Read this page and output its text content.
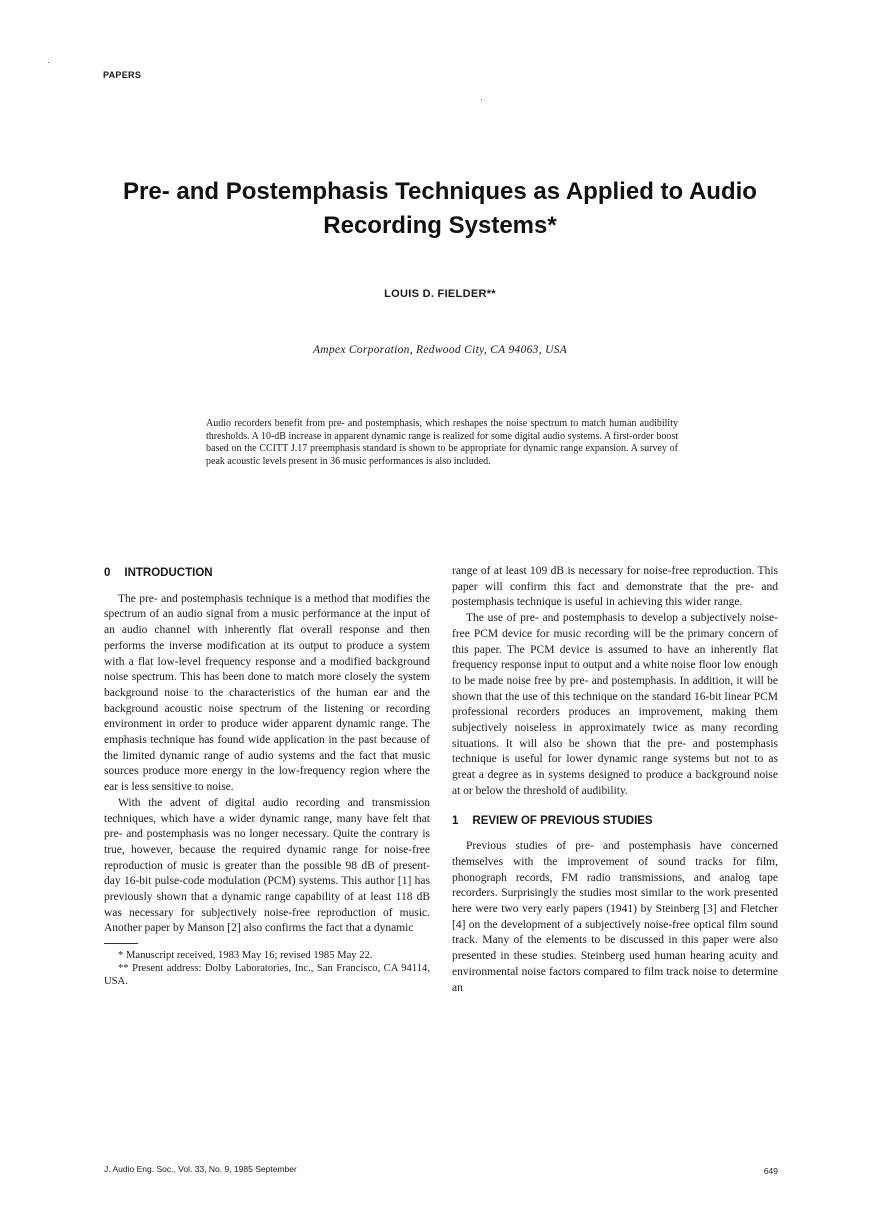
PAPERS
Pre- and Postemphasis Techniques as Applied to Audio
Recording Systems*
LOUIS D. FIELDER**
Ampex Corporation, Redwood City, CA 94063, USA
Audio recorders benefit from pre- and postemphasis, which reshapes the noise spectrum to match human audibility thresholds. A 10-dB increase in apparent dynamic range is realized for some digital audio systems. A first-order boost based on the CCITT J.17 preemphasis standard is shown to be appropriate for dynamic range expansion. A survey of peak acoustic levels present in 36 music performances is also included.
0 INTRODUCTION

The pre- and postemphasis technique is a method that modifies the spectrum of an audio signal from a music performance at the input of an audio channel with inherently flat overall response and then performs the inverse modification at its output to produce a system with a flat low-level frequency response and a modified background noise spectrum. This has been done to match more closely the system background noise to the characteristics of the human ear and the background acoustic noise spectrum of the listening or recording environment in order to produce wider apparent dynamic range. The emphasis technique has found wide application in the past because of the limited dynamic range of audio systems and the fact that music sources produce more energy in the low-frequency region where the ear is less sensitive to noise.

With the advent of digital audio recording and transmission techniques, which have a wider dynamic range, many have felt that pre- and postemphasis was no longer necessary. Quite the contrary is true, however, because the required dynamic range for noise-free reproduction of music is greater than the possible 98 dB of present-day 16-bit pulse-code modulation (PCM) systems. This author [1] has previously shown that a dynamic range capability of at least 118 dB was necessary for subjectively noise-free reproduction of music. Another paper by Manson [2] also confirms the fact that a dynamic

* Manuscript received, 1983 May 16; revised 1985 May 22.

** Present address: Dolby Laboratories, Inc., San Francisco, CA 94114, USA.

range of at least 109 dB is necessary for noise-free reproduction. This paper will confirm this fact and demonstrate that the pre- and postemphasis technique is useful in achieving this wider range.

The use of pre- and postemphasis to develop a subjectively noise-free PCM device for music recording will be the primary concern of this paper. The PCM device is assumed to have an inherently flat frequency response input to output and a white noise floor low enough to be made noise free by pre- and postemphasis. In addition, it will be shown that the use of this technique on the standard 16-bit linear PCM professional recorders produces an improvement, making them subjectively noiseless in approximately twice as many recording situations. It will also be shown that the pre- and postemphasis technique is useful for lower dynamic range systems but not to as great a degree as in systems designed to produce a background noise at or below the threshold of audibility.

1 REVIEW OF PREVIOUS STUDIES

Previous studies of pre- and postemphasis have concerned themselves with the improvement of sound tracks for film, phonograph records, FM radio transmissions, and analog tape recorders. Surprisingly the studies most similar to the work presented here were two very early papers (1941) by Steinberg [3] and Fletcher [4] on the development of a subjectively noise-free optical film sound track. Many of the elements to be discussed in this paper were also presented in these studies. Steinberg used human hearing acuity and environmental noise factors compared to film track noise to determine an

J. Audio Eng. Soc., Vol. 33, No. 9, 1985 September	649
